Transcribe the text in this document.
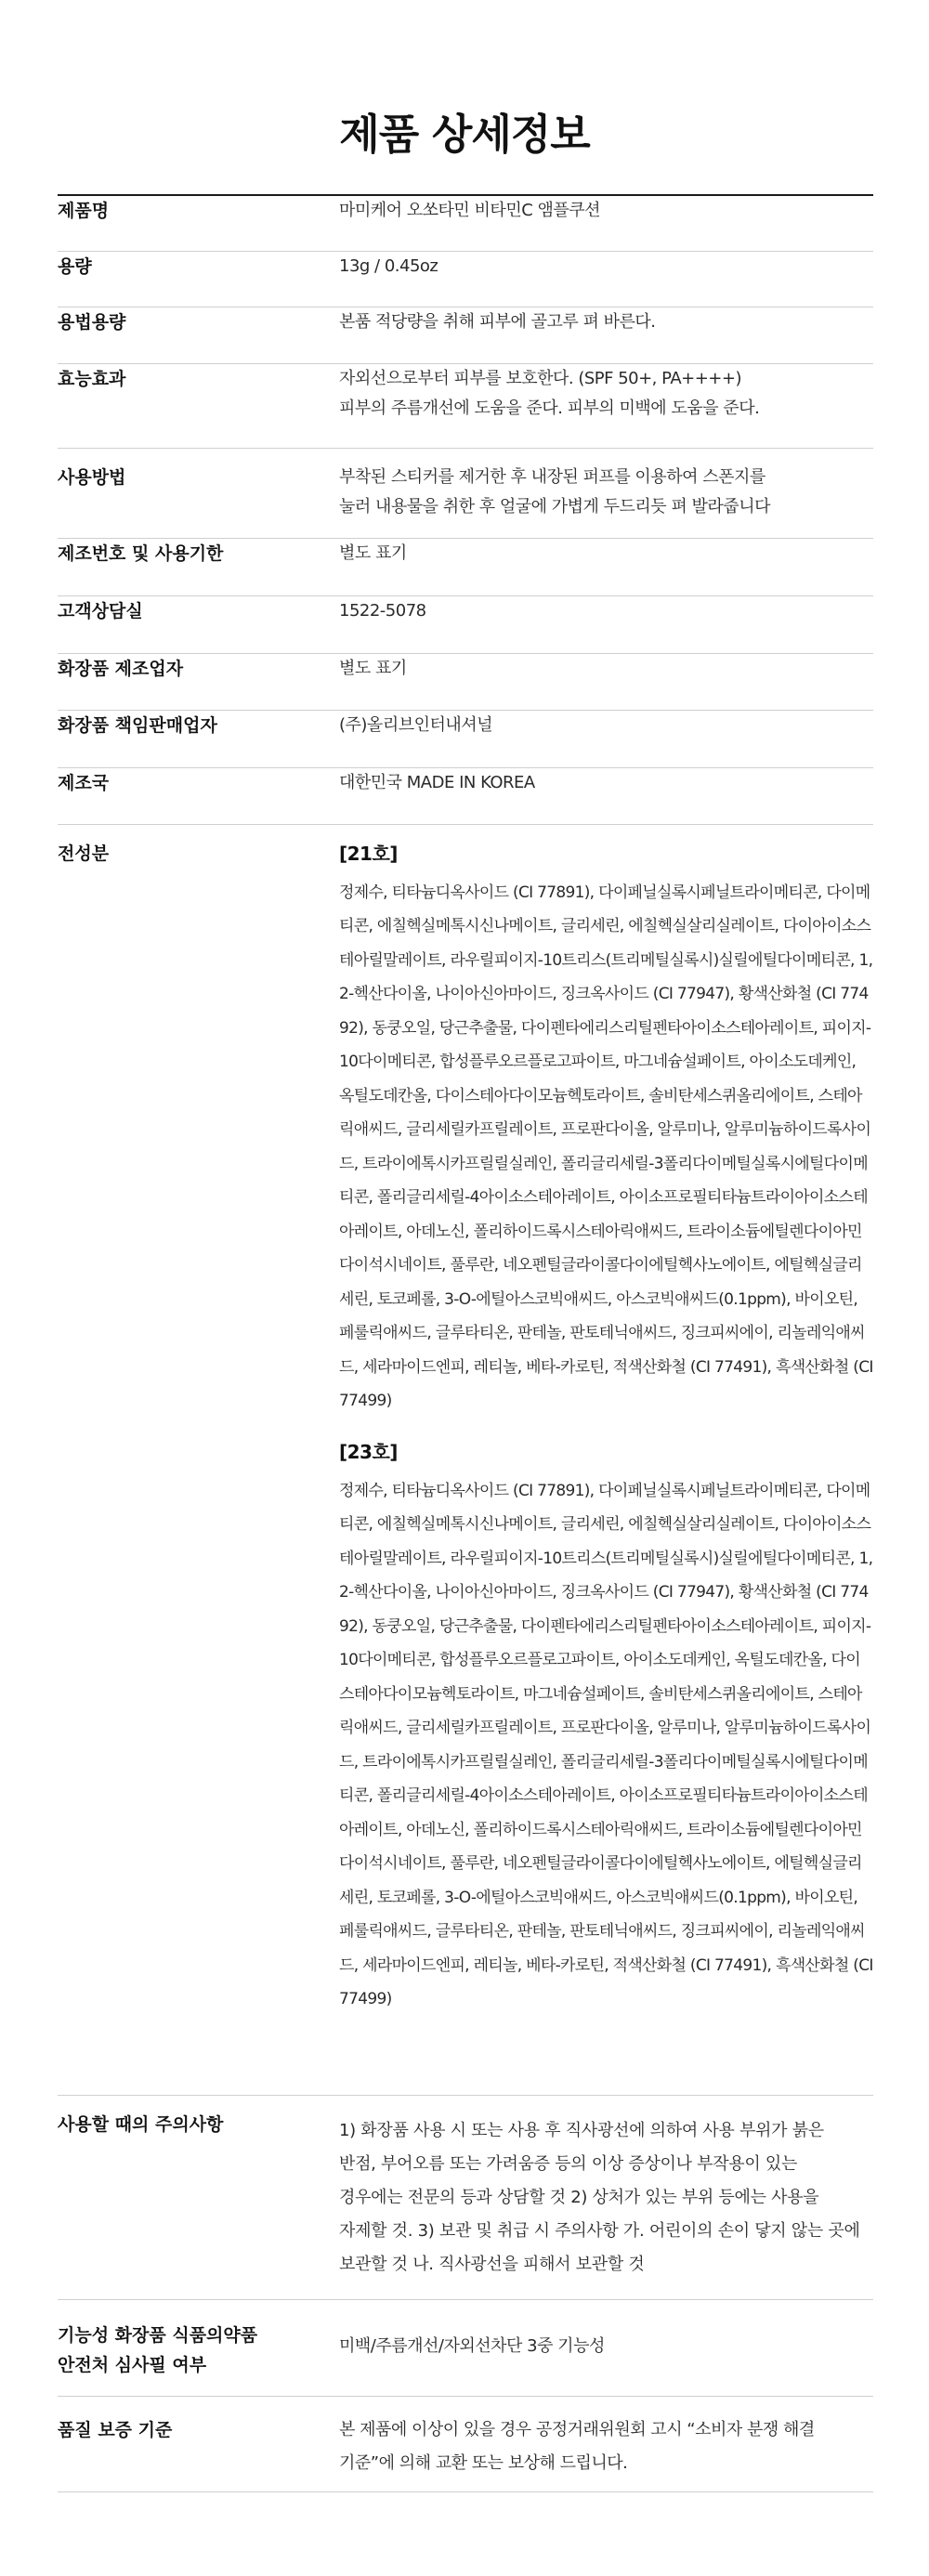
제품 상세정보
제품명	마미케어 오쏘타민 비타민C 앰플쿠션
용량	13g / 0.45oz
용법용량	본품 적당량을 취해 피부에 골고루 펴 바른다.
효능효과	자외선으로부터 피부를 보호한다. (SPF 50+, PA++++)
피부의 주름개선에 도움을 준다. 피부의 미백에 도움을 준다.
사용방법	부착된 스티커를 제거한 후 내장된 퍼프를 이용하여 스폰지를
눌러 내용물을 취한 후 얼굴에 가볍게 두드리듯 펴 발라줍니다
제조번호 및 사용기한	별도 표기
고객상담실	1522-5078
화장품 제조업자	별도 표기
화장품 책임판매업자	(주)올리브인터내셔널
제조국	대한민국 MADE IN KOREA
전성분	[21호]
정제수, 티타늄디옥사이드 (CI 77891), 다이페닐실록시페닐트라이메티콘, 다이메티콘, 에칠헥실메톡시신나메이트, 글리세린, 에칠헥실살리실레이트, 다이아이소스테아릴말레이트, 라우릴피이지-10트리스(트리메틸실록시)실릴에틸다이메티콘, 1,2-헥산다이올, 나이아신아마이드, 징크옥사이드 (CI 77947), 황색산화철 (CI 77492), 동쿵오일, 당근추출물, 다이펜타에리스리틸펜타아이소스테아레이트, 피이지-10다이메티콘, 합성플루오르플로고파이트, 마그네슘설페이트, 아이소도데케인, 옥틸도데칸올, 다이스테아다이모늄헥토라이트, 솔비탄세스퀴올리에이트, 스테아릭애씨드, 글리세릴카프릴레이트, 프로판다이올, 알루미나, 알루미늄하이드록사이드, 트라이에톡시카프릴릴실레인, 폴리글리세릴-3폴리다이메틸실록시에틸다이메티콘, 폴리글리세릴-4아이소스테아레이트, 아이소프로필티타늄트라이아이소스테아레이트, 아데노신, 폴리하이드록시스테아릭애씨드, 트라이소듐에틸렌다이아민다이석시네이트, 풀루란, 네오펜틸글라이콜다이에틸헥사노에이트, 에틸헥실글리세린, 토코페롤, 3-O-에틸아스코빅애씨드, 아스코빅애씨드(0.1ppm), 바이오틴, 페룰릭애씨드, 글루타티온, 판테놀, 판토테닉애씨드, 징크피씨에이, 리놀레익애씨드, 세라마이드엔피, 레티놀, 베타-카로틴, 적색산화철 (CI 77491), 흑색산화철 (CI 77499)
[23호]
정제수, 티타늄디옥사이드 (CI 77891), 다이페닐실록시페닐트라이메티콘, 다이메티콘, 에칠헥실메톡시신나메이트, 글리세린, 에칠헥실살리실레이트, 다이아이소스테아릴말레이트, 라우릴피이지-10트리스(트리메틸실록시)실릴에틸다이메티콘, 1,2-헥산다이올, 나이아신아마이드, 징크옥사이드 (CI 77947), 황색산화철 (CI 77492), 동쿵오일, 당근추출물, 다이펜타에리스리틸펜타아이소스테아레이트, 피이지-10다이메티콘, 합성플루오르플로고파이트, 아이소도데케인, 옥틸도데칸올, 다이스테아다이모늄헥토라이트, 마그네슘설페이트, 솔비탄세스퀴올리에이트, 스테아릭애씨드, 글리세릴카프릴레이트, 프로판다이올, 알루미나, 알루미늄하이드록사이드, 트라이에톡시카프릴릴실레인, 폴리글리세릴-3폴리다이메틸실록시에틸다이메티콘, 폴리글리세릴-4아이소스테아레이트, 아이소프로필티타늄트라이아이소스테아레이트, 아데노신, 폴리하이드록시스테아릭애씨드, 트라이소듐에틸렌다이아민다이석시네이트, 풀루란, 네오펜틸글라이콜다이에틸헥사노에이트, 에틸헥실글리세린, 토코페롤, 3-O-에틸아스코빅애씨드, 아스코빅애씨드(0.1ppm), 바이오틴, 페룰릭애씨드, 글루타티온, 판테놀, 판토테닉애씨드, 징크피씨에이, 리놀레익애씨드, 세라마이드엔피, 레티놀, 베타-카로틴, 적색산화철 (CI 77491), 흑색산화철 (CI 77499)

사용할 때의 주의사항	1) 화장품 사용 시 또는 사용 후 직사광선에 의하여 사용 부위가 붉은 반점, 부어오름 또는 가려움증 등의 이상 증상이나 부작용이 있는 경우에는 전문의 등과 상담할 것 2) 상처가 있는 부위 등에는 사용을 자제할 것. 3) 보관 및 취급 시 주의사항 가. 어린이의 손이 닿지 않는 곳에 보관할 것 나. 직사광선을 피해서 보관할 것

기능성 화장품 식품의약품
안전처 심사필 여부	미백/주름개선/자외선차단 3중 기능성
품질 보증 기준	본 제품에 이상이 있을 경우 공정거래위원회 고시 “소비자 분쟁 해결 기준”에 의해 교환 또는 보상해 드립니다.
